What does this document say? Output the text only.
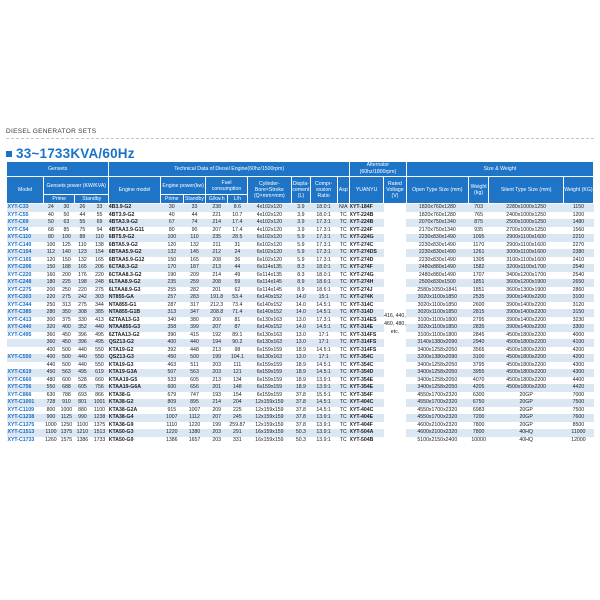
DIESEL GENERATOR SETS
33~1733KVA/60Hz
Gensets					Technical Data of Diesel Engine(60hz/1500rpm)									Alternator (60hz/1800rpm)		Size & Weight			
Model	Gensets power (KW/KVA)				Engine model	Engine power(kw)		Fuel consumption		Cylinder-Bore×Stroke (Q×mm×mm)	Displa-cement (L)	Compr-ession Ratio	Asp	YUANYU	Rated Voltage (V)	Open Type Size (mm)	Weight (kg)	Silent Type Size (mm)	Weight (KG)
	Prime		Standby			Prime	Standby	G/kw.h	L/h										
XYT-C33	24	30	26	33	4B3.9-G2	30	33	238	8.6	4x102x120	3.9	18.0:1	N/A	XYT-184F	416, 440, 460, 480, etc.	1820x760x1280	703	2280x1000x1250	1150
XYT-C55	40	50	44	55	4BT3.9-G2	40	44	221	10.7	4x102x120	3.9	18.0:1	TC	XYT-224B		1820x760x1280	765	2400x1000x1250	1200
XYT-C69	50	63	55	69	4BTA3.9-G2	67	74	214	17.4	4x102x120	3.9	17.3:1	TC	XYT-224B		2070x750x1340	875	2500x1000x1250	1480
XYT-C94	68	85	75	94	4BTAA3.9-G11	80	90	207	17.4	4x102x120	3.9	17.3:1	TC	XYT-224F		2170x750x1340	935	2700x1000x1250	1560
XYT-C110	80	100	88	110	6BT5.9-G2	100	110	235	28.5	6x102x120	5.9	17.3:1	TC	XYT-224G		2230x830x1490	1095	2900x1100x1600	2210
XYT-C140	100	125	110	138	6BTA5.9-G2	120	132	211	31	6x102x120	5.9	17.3:1	TC	XYT-274C		2230x830x1490	1170	2900x1100x1600	2270
XYT-C154	112	140	123	154	6BTAA5.9-G2	132	145	212	24	6x102x120	5.9	17.3:1	TC	XYT-274DS		2230x830x1490	1261	3000x1100x1600	2380
XYT-C165	120	150	132	165	6BTAA5.9-G12	150	165	208	36	6x102x120	5.9	17.3:1	TC	XYT-274D		2230x830x1490	1305	3100x1100x1600	2410
XYT-C206	150	188	165	206	6CTA8.3-G2	170	187	213	44	6x114x135	8.3	18.0:1	TC	XYT-274F		2480x880x1490	1582	3200x1100x1700	2540
XYT-C220	160	200	176	220	6CTAA8.3-G2	190	209	214	49	6x114x135	8.3	18.0:1	TC	XYT-274G		2480x880x1490	1707	3400x1200x1700	2540
XYT-C248	180	225	198	248	6LTAA8.9-G2	235	259	208	59	6x114x145	8.9	18.6:1	TC	XYT-274H		2500x830x1500	1851	3600x1200x1900	2650
XYT-C275	200	250	220	275	6LTAA8.9-G3	255	282	201	62	6x114x145	8.9	18.6:1	TC	XYT-274J		2580x1050x1841	1851	3600x1300x1900	2860
XYT-C303	220	275	242	303	NT855-GA	257	283	191.8	53.4	6x140x152	14.0	15:1	TC	XYT-274K		3020x1100x1850	2535	3900x1400x2200	3100
XYT-C344	250	313	275	344	NTA855-G1	287	317	212.3	73.4	6x140x152	14.0	14.5:1	TC	XYT-314C		3020x1100x1850	2600	3900x1400x2200	3120
XYT-C385	280	350	308	385	NTA855-G1B	313	347	208.8	71.4	6x140x152	14.0	14.5:1	TC	XYT-314D		3020x1100x1850	2815	3900x1400x2200	3150
XYT-C413	300	375	330	413	6ZTAA13-G3	340	380	200	81	6x130x163	13.0	17.3:1	TC	XYT-314ES		3100x1100x1800	2795	3900x1400x2200	3230
XYT-C440	320	400	352	440	NTAA855-G3	358	399	207	87	6x140x152	14.0	14.5:1	TC	XYT-314E		3020x1100x1850	2835	3900x1400x2200	3300
XYT-C495	360	450	396	495	6ZTAA13-G2	390	415	192	89.1	6x130x163	13.0	17:1	TC	XYT-314FS		3100x1100x1800	2845	4500x1800x2200	4000
	360	450	396	495	QSZ13-G2	400	440	194	90.2	6x130x163	13.0	17:1	TC	XYT-314FS		3140x1380x2090	2940	4500x1800x2200	4100
	400	500	440	550	KTA19-G2	392	448	213	98	6x159x159	18.9	14.5:1	TC	XYT-314FS		3400x1258x2050	3565	4500x1800x2200	4200
XYT-C550	400	500	440	550	QSZ13-G3	450	500	199	104.1	6x130x163	13.0	17:1	TC	XYT-354C		3200x1380x2090	3100	4500x1800x2200	4200
	440	500	440	550	KTA19-G3	463	511	203	111	6x159x159	18.9	14.5:1	TC	XYT-354C		3400x1258x2050	3795	4500x1800x2200	4300
XYT-C619	450	563	495	619	KTA19-G3A	507	563	203	121	6x159x159	18.9	14.5:1	TC	XYT-354D		3400x1258x2050	3955	4500x1800x2200	4300
XYT-C660	480	600	528	660	KTAA19-G5	533	605	213	134	6x159x159	18.9	13.9:1	TC	XYT-354E		3400x1258x2050	4070	4500x1800x2200	4400
XYT-C756	550	688	605	756	KTAA19-G6A	600	656	201	148	6x159x159	18.9	13.9:1	TC	XYT-354E		3400x1258x2050	4205	4500x1800x2200	4420
XYT-C866	630	788	693	866	KTA38-G	679	747	193	154	6x159x159	37.8	15.5:1	TC	XYT-354F		4550x1700x2320	6300	20GP	7000
XYT-C1001	728	910	801	1001	KTA38-G2	809	895	214	204	12x159x159	37.8	14.5:1	TC	XYT-404C		4550x1700x2320	6750	20GP	7500
XYT-C1109	800	1000	880	1100	KTA38-G2A	915	1007	209	225	12x159x159	37.8	14.5:1	TC	XYT-404C		4550x1700x2320	6983	20GP	7500
XYT-C1238	900	1125	990	1238	KTA38-G4	1007	1112	207	245	12x159x159	37.8	13.9:1	TC	XYT-404E		4550x1700x2320	7200	20GP	7600
XYT-C1375	1000	1250	1100	1375	KTA38-G9	1110	1220	199	259.87	12x159x159	37.8	13.9:1	TC	XYT-404F		4600x2100x2320	7800	20GP	8500
XYT-C1513	1100	1375	1210	1513	KTA50-G3	1220	1380	203	291	16x159x159	50.3	13.9:1	TC	XYT-504A		4600x2100x2320	7800	40HQ	11000
XYT-C1733	1260	1575	1386	1733	KTA50-G9	1386	1657	203	331	16x159x159	50.3	13.9:1	TC	XYT-504B		5100x2150x2400	10000	40HQ	12000
